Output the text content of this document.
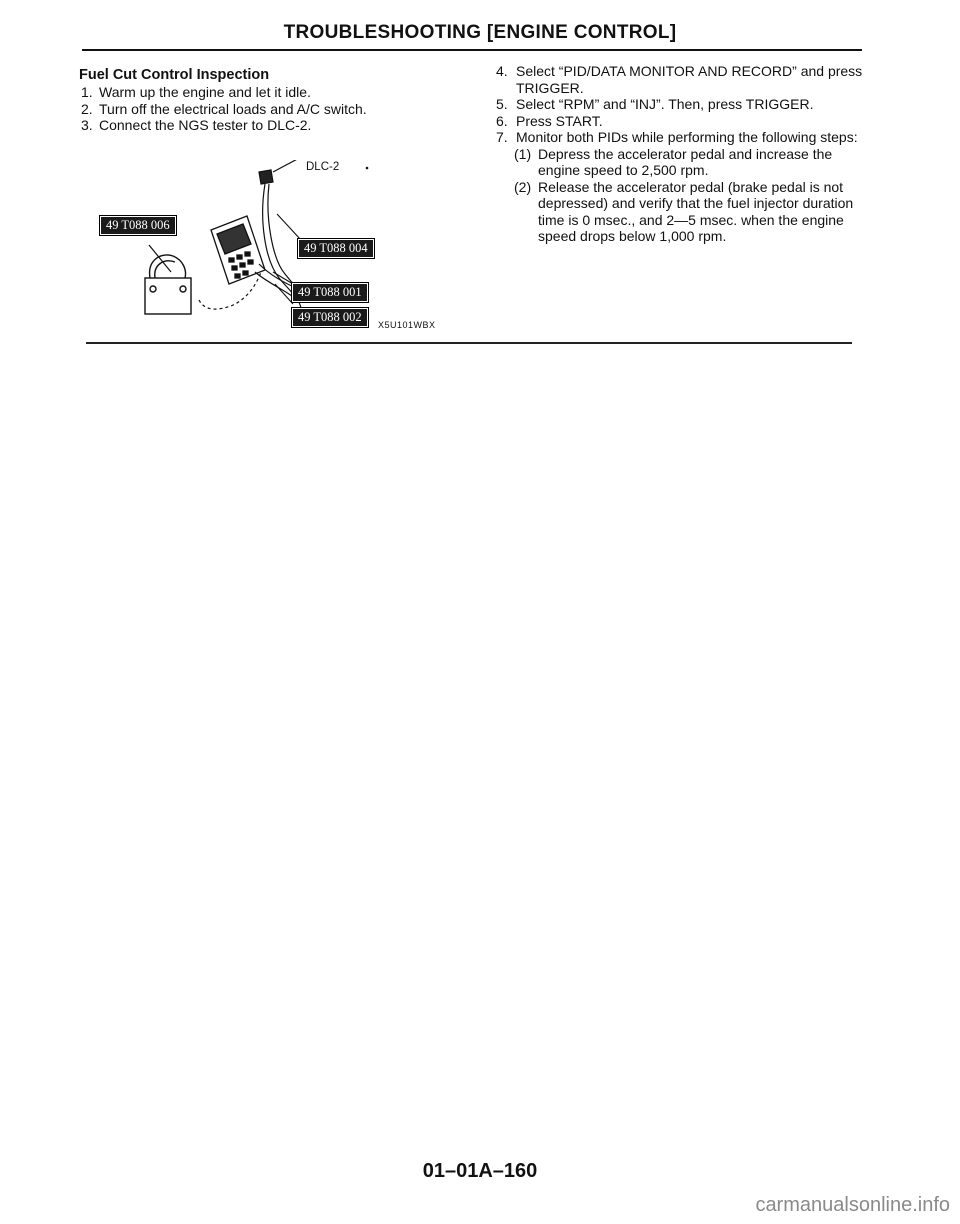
TROUBLESHOOTING [ENGINE CONTROL]
Fuel Cut Control Inspection
1. Warm up the engine and let it idle.
2. Turn off the electrical loads and A/C switch.
3. Connect the NGS tester to DLC-2.
DLC-2
49 T088 006
49 T088 004
49 T088 001
49 T088 002
X5U101WBX
4. Select “PID/DATA MONITOR AND RECORD” and press TRIGGER.
5. Select “RPM” and “INJ”. Then, press TRIGGER.
6. Press START.
7. Monitor both PIDs while performing the following steps:
(1) Depress the accelerator pedal and increase the engine speed to 2,500 rpm.
(2) Release the accelerator pedal (brake pedal is not depressed) and verify that the fuel injector duration time is 0 msec., and 2—5 msec. when the engine speed drops below 1,000 rpm.
01–01A–160
carmanualsonline.info
